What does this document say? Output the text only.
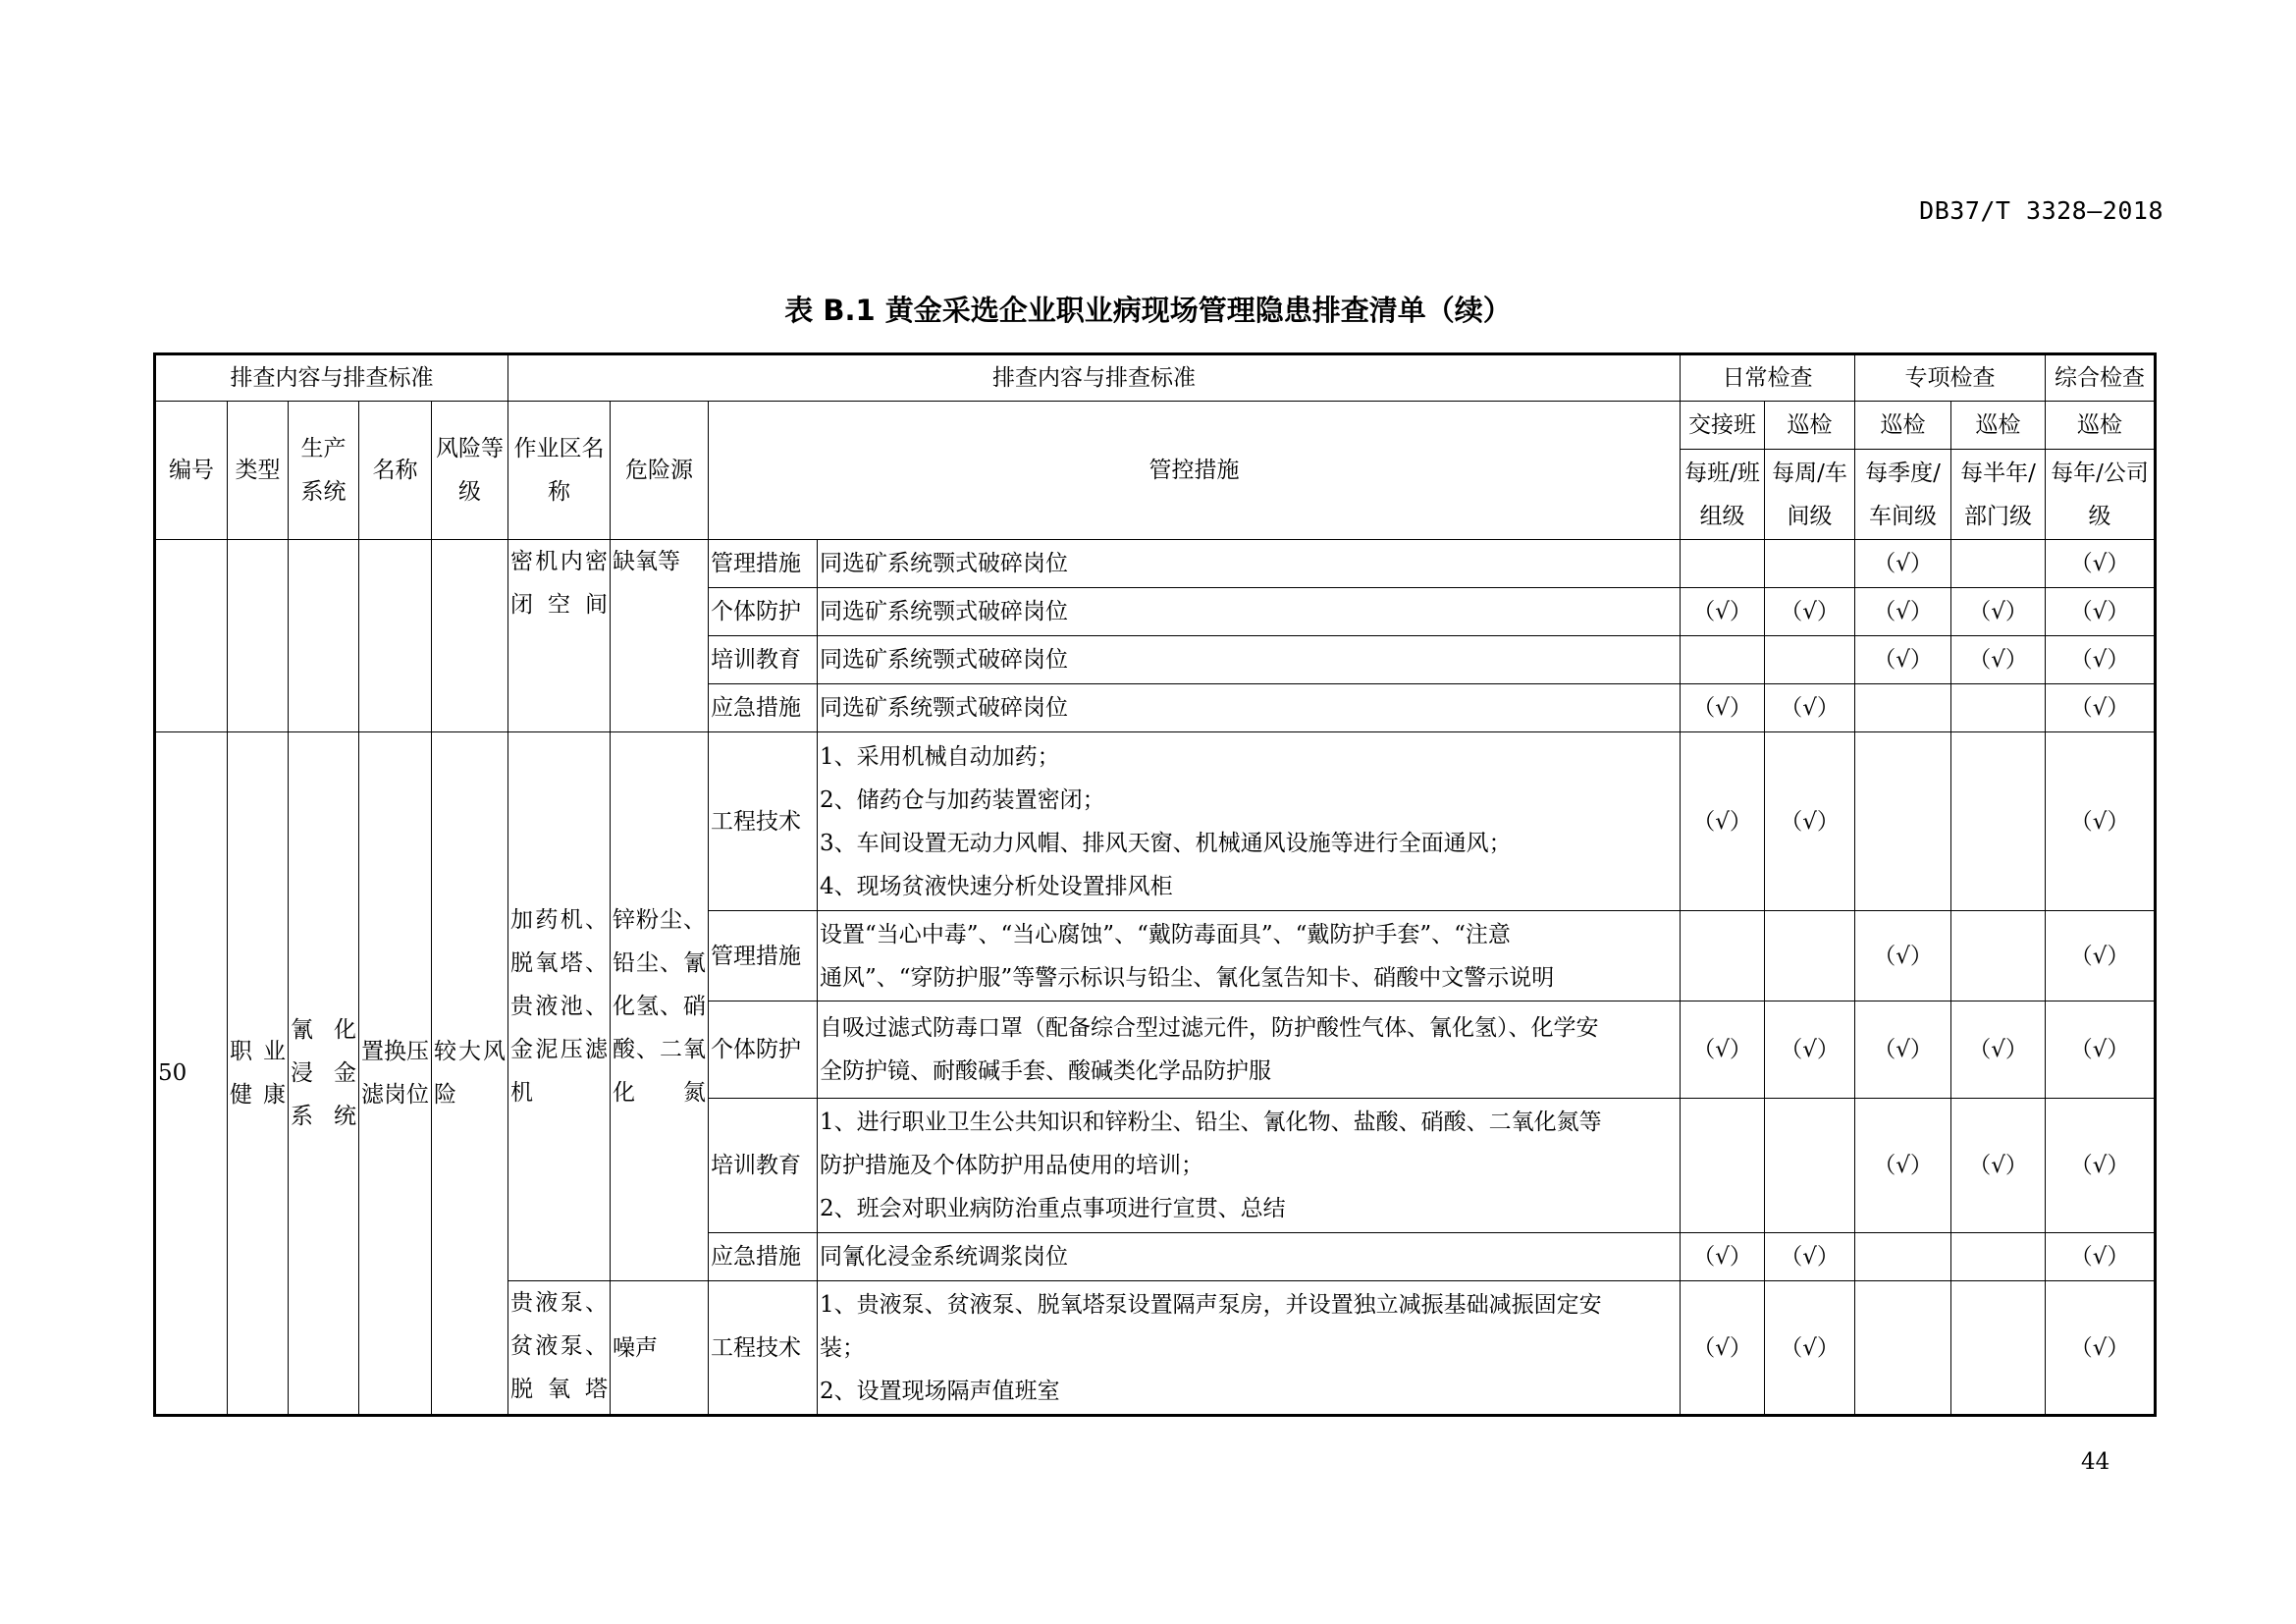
DB37/T 3328—2018
表 B.1 黄金采选企业职业病现场管理隐患排查清单（续）
排查内容与排查标准					排查内容与排查标准				日常检查		专项检查		综合检查
编号	类型	生产系统	名称	风险等级	作业区名称	危险源	管控措施		交接班	巡检	巡检	巡检	巡检
									每班/班组级	每周/车间级	每季度/车间级	每半年/部门级	每年/公司级
					密机内密闭空间	缺氧等	管理措施	同选矿系统颚式破碎岗位			（√）		（√）
							个体防护	同选矿系统颚式破碎岗位	（√）	（√）	（√）	（√）	（√）
							培训教育	同选矿系统颚式破碎岗位			（√）	（√）	（√）
							应急措施	同选矿系统颚式破碎岗位	（√）	（√）			（√）
50	职业健康	氰化浸金系统	置换压滤岗位	较大风险	加药机、脱氧塔、贵液池、金泥压滤机	锌粉尘、铅尘、氰化氢、硝酸、二氧化氮	工程技术	1、采用机械自动加药；
2、储药仓与加药装置密闭；
3、车间设置无动力风帽、排风天窗、机械通风设施等进行全面通风；
4、现场贫液快速分析处设置排风柜	（√）	（√）			（√）
							管理措施	设置“当心中毒”、“当心腐蚀”、“戴防毒面具”、“戴防护手套”、“注意
通风”、“穿防护服”等警示标识与铅尘、氰化氢告知卡、硝酸中文警示说明			（√）		（√）
							个体防护	自吸过滤式防毒口罩（配备综合型过滤元件，防护酸性气体、氰化氢）、化学安
全防护镜、耐酸碱手套、酸碱类化学品防护服	（√）	（√）	（√）	（√）	（√）
							培训教育	1、进行职业卫生公共知识和锌粉尘、铅尘、氰化物、盐酸、硝酸、二氧化氮等
防护措施及个体防护用品使用的培训；
2、班会对职业病防治重点事项进行宣贯、总结			（√）	（√）	（√）
							应急措施	同氰化浸金系统调浆岗位	（√）	（√）			（√）
					贵液泵、贫液泵、脱氧塔	噪声	工程技术	1、贵液泵、贫液泵、脱氧塔泵设置隔声泵房，并设置独立减振基础减振固定安
装；
2、设置现场隔声值班室	（√）	（√）			（√）
44
